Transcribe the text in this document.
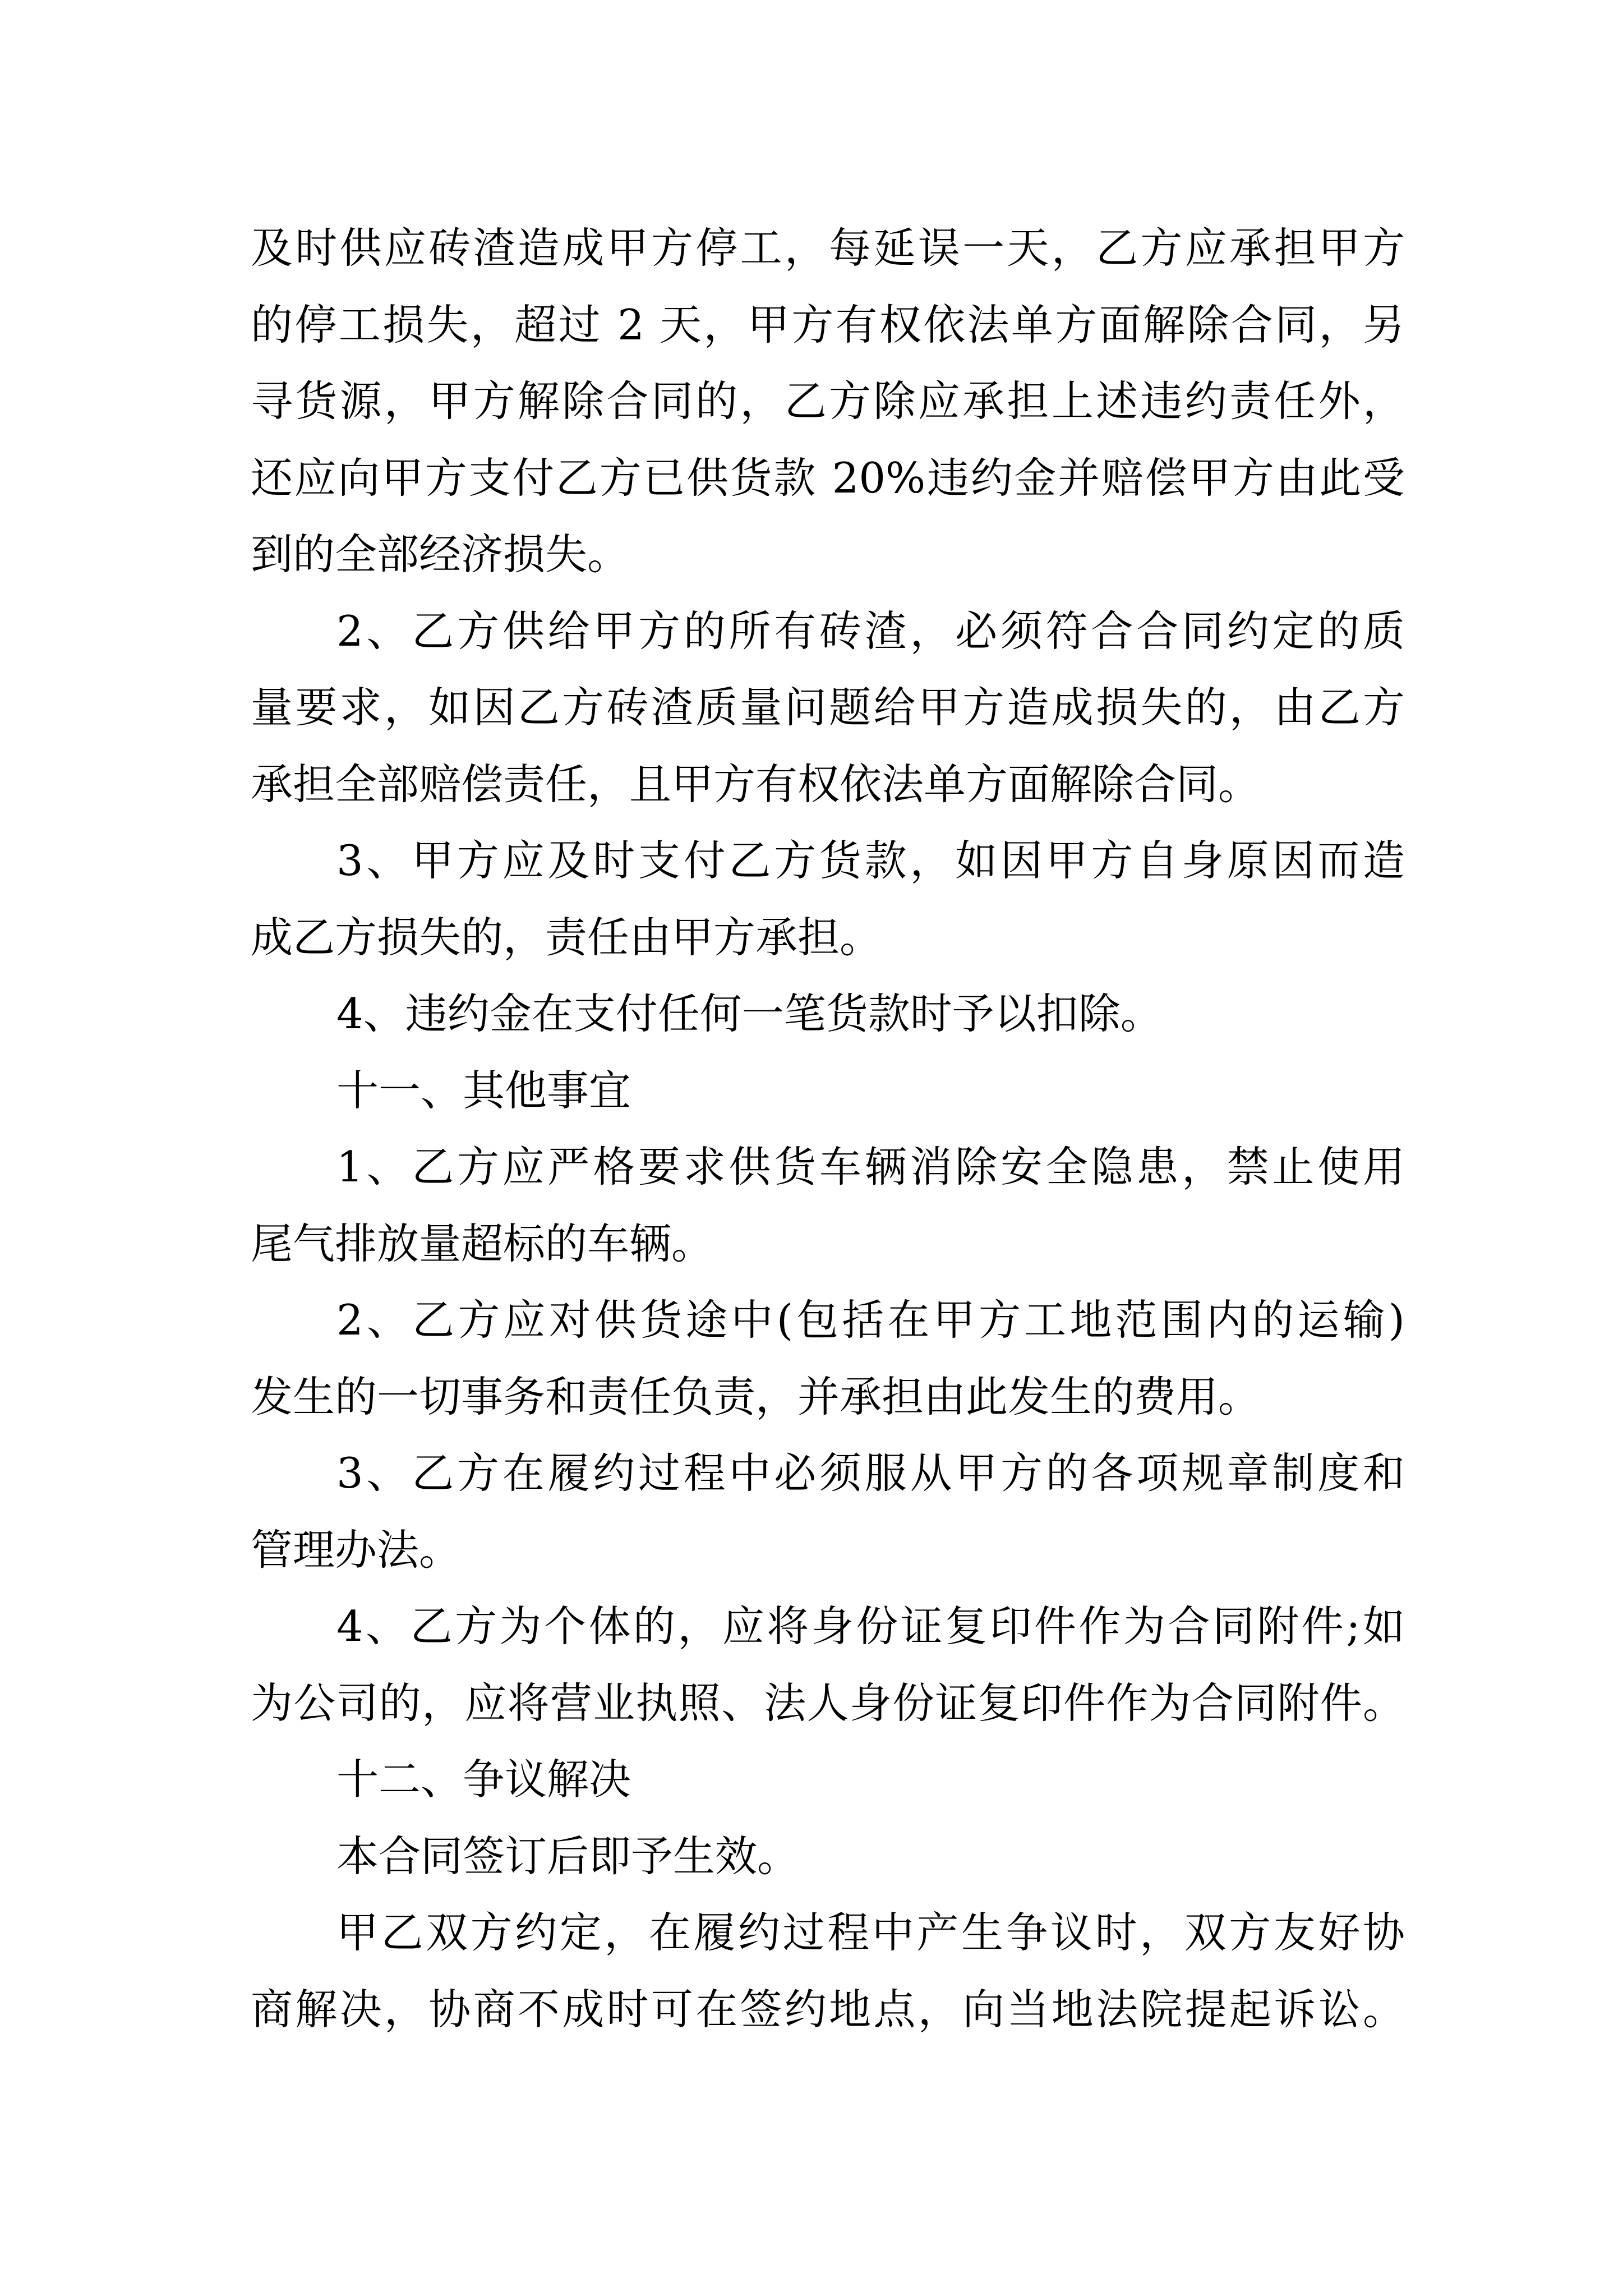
及时供应砖渣造成甲方停工，每延误一天，乙方应承担甲方
的停工损失，超过 2 天，甲方有权依法单方面解除合同，另
寻货源，甲方解除合同的，乙方除应承担上述违约责任外，
还应向甲方支付乙方已供货款 20%违约金并赔偿甲方由此受
到的全部经济损失。
2、乙方供给甲方的所有砖渣，必须符合合同约定的质
量要求，如因乙方砖渣质量问题给甲方造成损失的，由乙方
承担全部赔偿责任，且甲方有权依法单方面解除合同。
3、甲方应及时支付乙方货款，如因甲方自身原因而造
成乙方损失的，责任由甲方承担。
4、违约金在支付任何一笔货款时予以扣除。
十一、其他事宜
1、乙方应严格要求供货车辆消除安全隐患，禁止使用
尾气排放量超标的车辆。
2、乙方应对供货途中(包括在甲方工地范围内的运输)
发生的一切事务和责任负责，并承担由此发生的费用。
3、乙方在履约过程中必须服从甲方的各项规章制度和
管理办法。
4、乙方为个体的，应将身份证复印件作为合同附件;如
为公司的，应将营业执照、法人身份证复印件作为合同附件。
十二、争议解决
本合同签订后即予生效。
甲乙双方约定，在履约过程中产生争议时，双方友好协
商解决，协商不成时可在签约地点，向当地法院提起诉讼。
